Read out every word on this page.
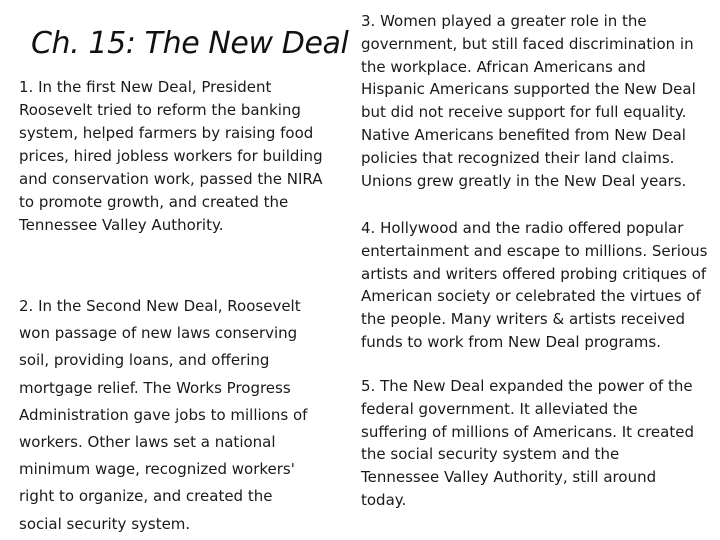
Ch. 15: The New Deal

1. In the first New Deal, President Roosevelt tried to reform the banking system, helped farmers by raising food prices, hired jobless workers for building and conservation work, passed the NIRA to promote growth, and created the Tennessee Valley Authority.

2. In the Second New Deal, Roosevelt won passage of new laws conserving soil, providing loans, and offering mortgage relief. The Works Progress Administration gave jobs to millions of workers. Other laws set a national minimum wage, recognized workers' right to organize, and created the social security system.

3. Women played a greater role in the government, but still faced discrimination in the workplace. African Americans and Hispanic Americans supported the New Deal but did not receive support for full equality. Native Americans benefited from New Deal policies that recognized their land claims. Unions grew greatly in the New Deal years.

4. Hollywood and the radio offered popular entertainment and escape to millions. Serious artists and writers offered probing critiques of American society or celebrated the virtues of the people. Many writers & artists received funds to work from New Deal programs.

5. The New Deal expanded the power of the federal government. It alleviated the suffering of millions of Americans. It created the social security system and the Tennessee Valley Authority, still around today.
